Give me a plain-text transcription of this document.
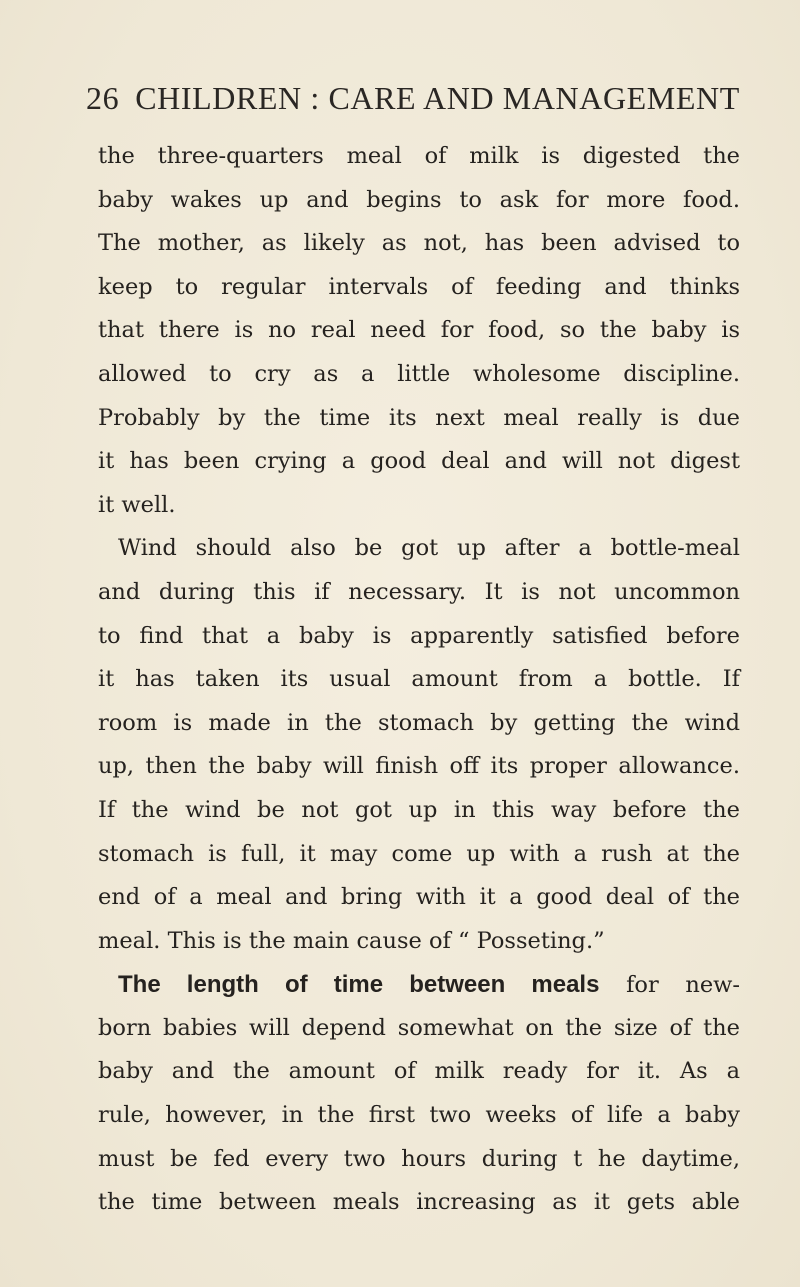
26 CHILDREN : CARE AND MANAGEMENT
the three-quarters meal of milk is digested the
baby wakes up and begins to ask for more food.
The mother, as likely as not, has been advised to
keep to regular intervals of feeding and thinks
that there is no real need for food, so the baby is
allowed to cry as a little wholesome discipline.
Probably by the time its next meal really is due
it has been crying a good deal and will not digest
it well.
Wind should also be got up after a bottle-meal
and during this if necessary. It is not uncommon
to find that a baby is apparently satisfied before
it has taken its usual amount from a bottle. If
room is made in the stomach by getting the wind
up, then the baby will finish off its proper allowance.
If the wind be not got up in this way before the
stomach is full, it may come up with a rush at the
end of a meal and bring with it a good deal of the
meal. This is the main cause of “ Posseting.”
The length of time between meals for new-
born babies will depend somewhat on the size of the
baby and the amount of milk ready for it. As a
rule, however, in the first two weeks of life a baby
must be fed every two hours during t he daytime,
the time between meals increasing as it gets able
